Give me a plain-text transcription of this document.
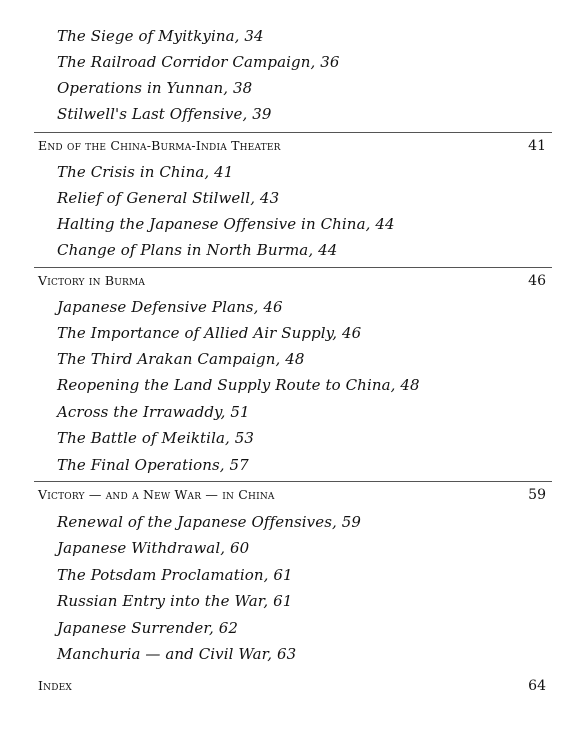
The Siege of Myitkyina, 34
The Railroad Corridor Campaign, 36
Operations in Yunnan, 38
Stilwell's Last Offensive, 39
End of the China-Burma-India Theater	41
The Crisis in China, 41
Relief of General Stilwell, 43
Halting the Japanese Offensive in China, 44
Change of Plans in North Burma, 44
Victory in Burma	46
Japanese Defensive Plans, 46
The Importance of Allied Air Supply, 46
The Third Arakan Campaign, 48
Reopening the Land Supply Route to China, 48
Across the Irrawaddy, 51
The Battle of Meiktila, 53
The Final Operations, 57
Victory — and a New War — in China	59
Renewal of the Japanese Offensives, 59
Japanese Withdrawal, 60
The Potsdam Proclamation, 61
Russian Entry into the War, 61
Japanese Surrender, 62
Manchuria — and Civil War, 63
Index	64
